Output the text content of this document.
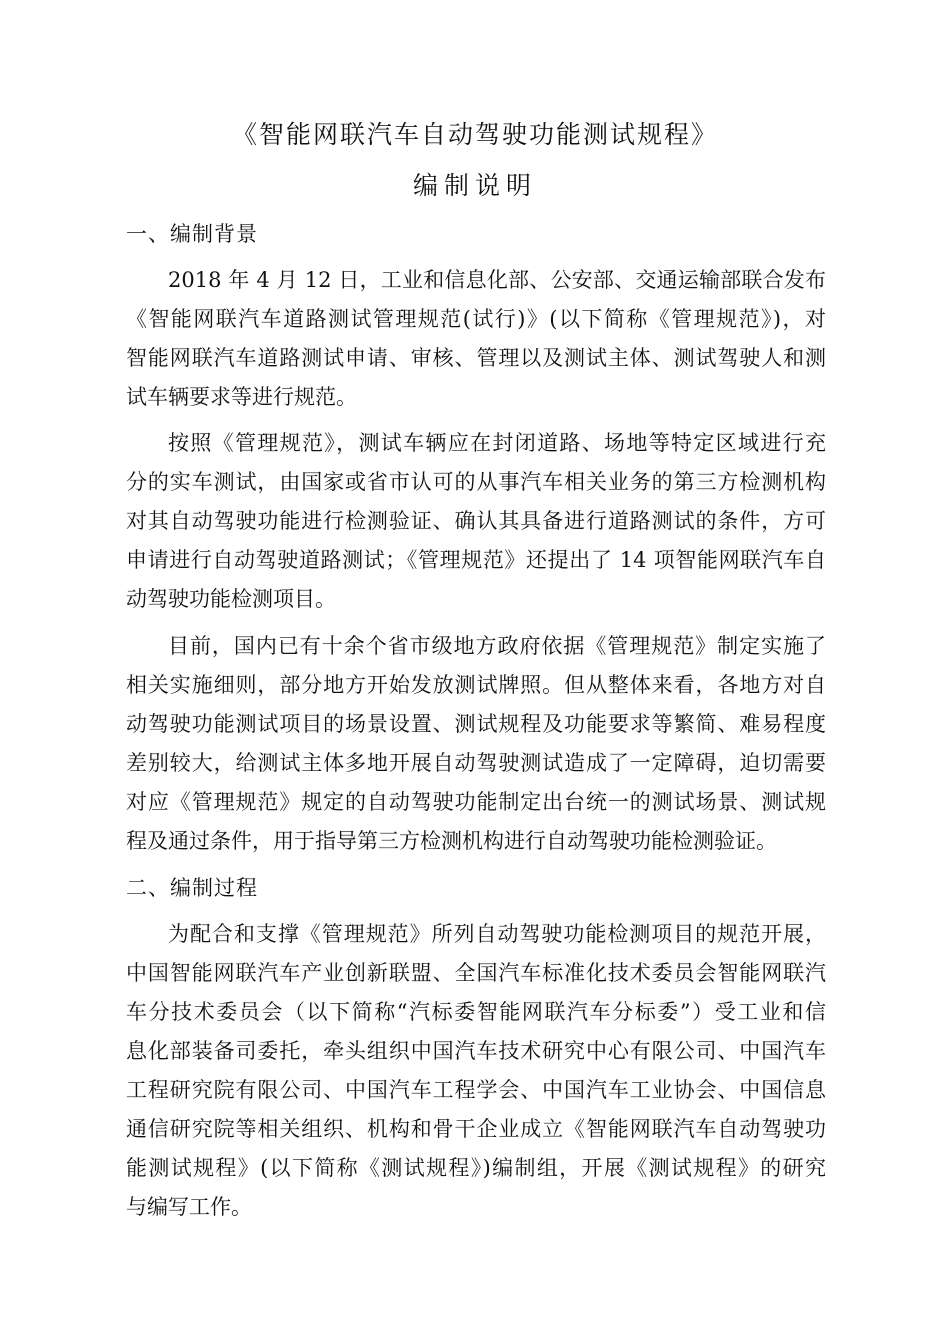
《智能网联汽车自动驾驶功能测试规程》
编制说明
一、编制背景
2018 年 4 月 12 日，工业和信息化部、公安部、交通运输部联合发布
《智能网联汽车道路测试管理规范(试行)》(以下简称《管理规范》)，对
智能网联汽车道路测试申请、审核、管理以及测试主体、测试驾驶人和测
试车辆要求等进行规范。
按照《管理规范》，测试车辆应在封闭道路、场地等特定区域进行充
分的实车测试，由国家或省市认可的从事汽车相关业务的第三方检测机构
对其自动驾驶功能进行检测验证、确认其具备进行道路测试的条件，方可
申请进行自动驾驶道路测试；《管理规范》还提出了 14 项智能网联汽车自
动驾驶功能检测项目。
目前，国内已有十余个省市级地方政府依据《管理规范》制定实施了
相关实施细则，部分地方开始发放测试牌照。但从整体来看，各地方对自
动驾驶功能测试项目的场景设置、测试规程及功能要求等繁简、难易程度
差别较大，给测试主体多地开展自动驾驶测试造成了一定障碍，迫切需要
对应《管理规范》规定的自动驾驶功能制定出台统一的测试场景、测试规
程及通过条件，用于指导第三方检测机构进行自动驾驶功能检测验证。
二、编制过程
为配合和支撑《管理规范》所列自动驾驶功能检测项目的规范开展，
中国智能网联汽车产业创新联盟、全国汽车标准化技术委员会智能网联汽
车分技术委员会（以下简称“汽标委智能网联汽车分标委”）受工业和信
息化部装备司委托，牵头组织中国汽车技术研究中心有限公司、中国汽车
工程研究院有限公司、中国汽车工程学会、中国汽车工业协会、中国信息
通信研究院等相关组织、机构和骨干企业成立《智能网联汽车自动驾驶功
能测试规程》(以下简称《测试规程》)编制组，开展《测试规程》的研究
与编写工作。
